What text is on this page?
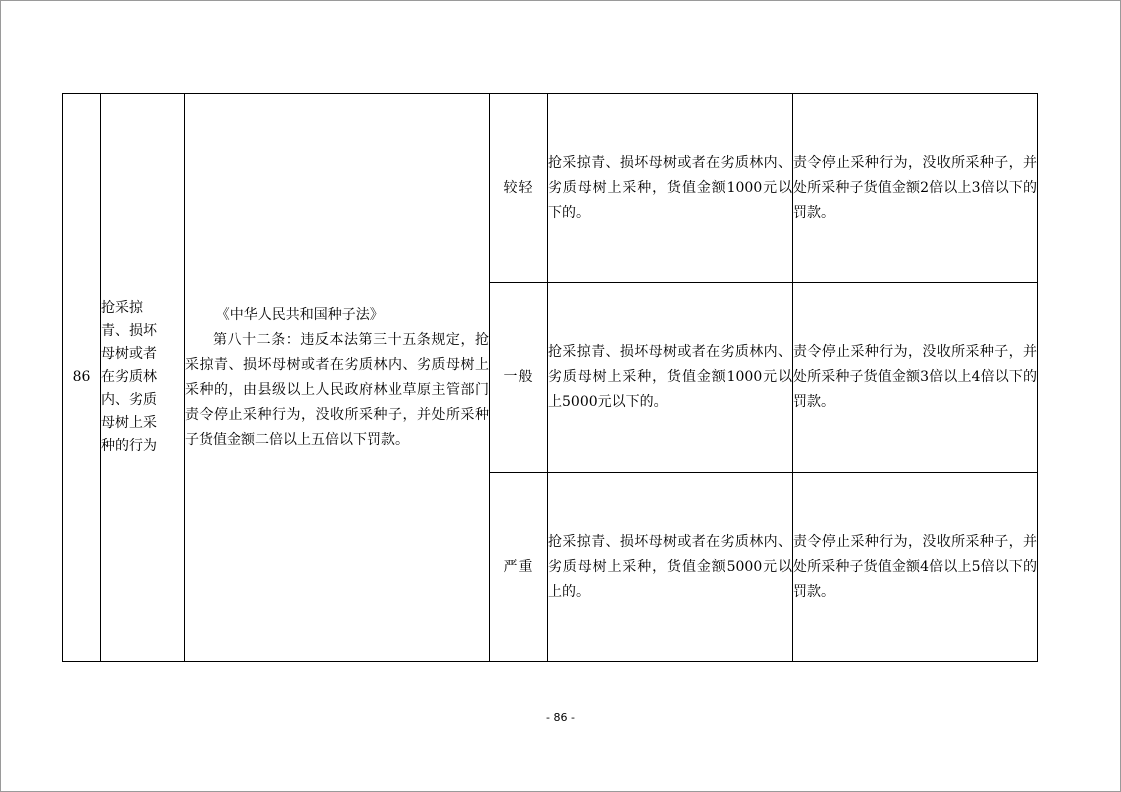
86	抢采掠青、损坏母树或者在劣质林内、劣质母树上采种的行为	《中华人民共和国种子法》
第八十二条：违反本法第三十五条规定，抢采掠青、损坏母树或者在劣质林内、劣质母树上采种的，由县级以上人民政府林业草原主管部门责令停止采种行为，没收所采种子，并处所采种子货值金额二倍以上五倍以下罚款。	较轻	抢采掠青、损坏母树或者在劣质林内、劣质母树上采种，货值金额1000元以下的。	责令停止采种行为，没收所采种子，并处所采种子货值金额2倍以上3倍以下的罚款。
			一般	抢采掠青、损坏母树或者在劣质林内、劣质母树上采种，货值金额1000元以上5000元以下的。	责令停止采种行为，没收所采种子，并处所采种子货值金额3倍以上4倍以下的罚款。
			严重	抢采掠青、损坏母树或者在劣质林内、劣质母树上采种，货值金额5000元以上的。	责令停止采种行为，没收所采种子，并处所采种子货值金额4倍以上5倍以下的罚款。
- 86 -
